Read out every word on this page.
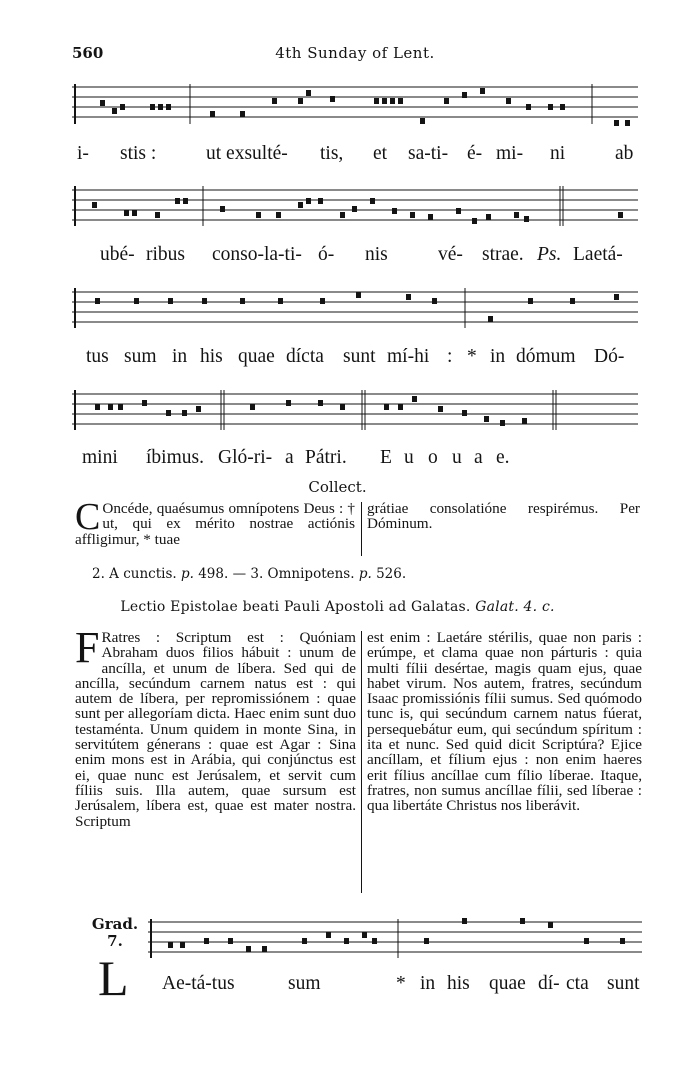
560	4th Sunday of Lent.
i- stis :	ut exsulté- tis, et sa-ti- é- mi- ni	ab
ubé- ribus conso-la-ti- ó- nis	vé- strae. Ps. Laetá-
tus sum in his quae dícta sunt mí-hi : * in dómum Dó-
mini íbimus. Gló-ri- a Pátri. E u o u a e.
Collect.

C Oncéde, quaésumus omnípotens Deus : † ut, qui ex mérito nostrae actiónis affligimur, * tuae

grátiae consolatióne respirémus. Per Dóminum.

2. A cunctis. p. 498. — 3. Omnipotens. p. 526.
Lectio Epistolae beati Pauli Apostoli ad Galatas. Galat. 4. c.

F Ratres : Scriptum est : Quóniam Abraham duos filios hábuit : unum de ancílla, et unum de líbera. Sed qui de ancílla, secúndum carnem natus est : qui autem de líbera, per repromissiónem : quae sunt per allegoríam dicta. Haec enim sunt duo testaménta. Unum quidem in monte Sina, in servitútem génerans : quae est Agar : Sina enim mons est in Arábia, qui conjúnctus est ei, quae nunc est Jerúsalem, et servit cum fíliis suis. Illa autem, quae sursum est Jerúsalem, líbera est, quae est mater nostra. Scriptum

est enim : Laetáre stérilis, quae non paris : erúmpe, et clama quae non párturis : quia multi fílii desértae, magis quam ejus, quae habet virum. Nos autem, fratres, secúndum Isaac promissiónis fílii sumus. Sed quómodo tunc is, qui secúndum carnem natus fúerat, persequebátur eum, qui secúndum spíritum : ita et nunc. Sed quid dicit Scriptúra? Ejice ancíllam, et fílium ejus : non enim haeres erit fílius ancíllae cum fílio líberae. Itaque, fratres, non sumus ancíllae fílii, sed líberae : qua libertáte Christus nos liberávit.

Grad.
7.
L Ae-tá-tus	sum	* in his quae dí- cta sunt
